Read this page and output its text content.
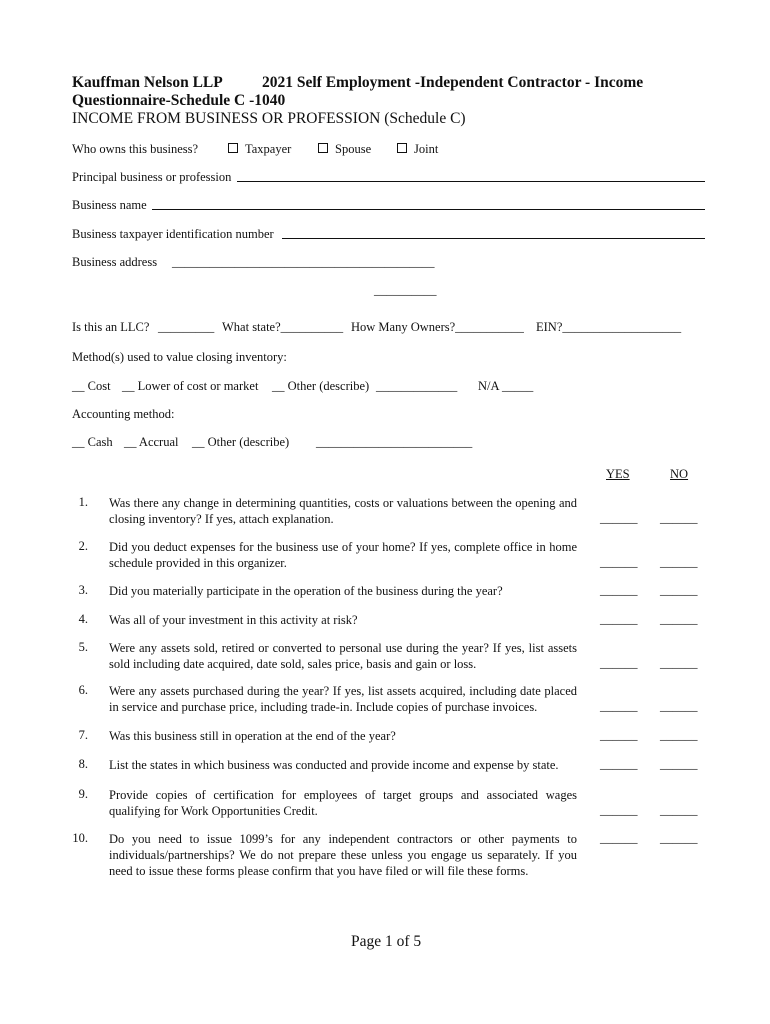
Kauffman Nelson LLP	2021 Self Employment -Independent Contractor - Income
Questionnaire-Schedule C -1040
INCOME FROM BUSINESS OR PROFESSION (Schedule C)
Who owns this business?	Taxpayer	Spouse	Joint
Principal business or profession
Business name
Business taxpayer identification number
Business address __________________________________________
__________
Is this an LLC? _________ What state?__________ How Many Owners?___________ EIN?___________________
Method(s) used to value closing inventory:
__ Cost __ Lower of cost or market __ Other (describe) _____________ N/A _____
Accounting method:
__ Cash __ Accrual __ Other (describe) _________________________
YES	NO
1. Was there any change in determining quantities, costs or valuations between the opening and closing inventory? If yes, attach explanation.	______ ______
2. Did you deduct expenses for the business use of your home? If yes, complete office in home schedule provided in this organizer.	______ ______
3. Did you materially participate in the operation of the business during the year?	______ ______
4. Was all of your investment in this activity at risk?	______ ______
5. Were any assets sold, retired or converted to personal use during the year? If yes, list assets sold including date acquired, date sold, sales price, basis and gain or loss.	______ ______
6. Were any assets purchased during the year? If yes, list assets acquired, including date placed in service and purchase price, including trade-in. Include copies of purchase invoices.	______ ______
7. Was this business still in operation at the end of the year?	______ ______
8. List the states in which business was conducted and provide income and expense by state.	______ ______
9. Provide copies of certification for employees of target groups and associated wages qualifying for Work Opportunities Credit.	______ ______
10. Do you need to issue 1099’s for any independent contractors or other payments to individuals/partnerships? We do not prepare these unless you engage us separately. If you need to issue these forms please confirm that you have filed or will file these forms.
______ ______
Page 1 of 5
